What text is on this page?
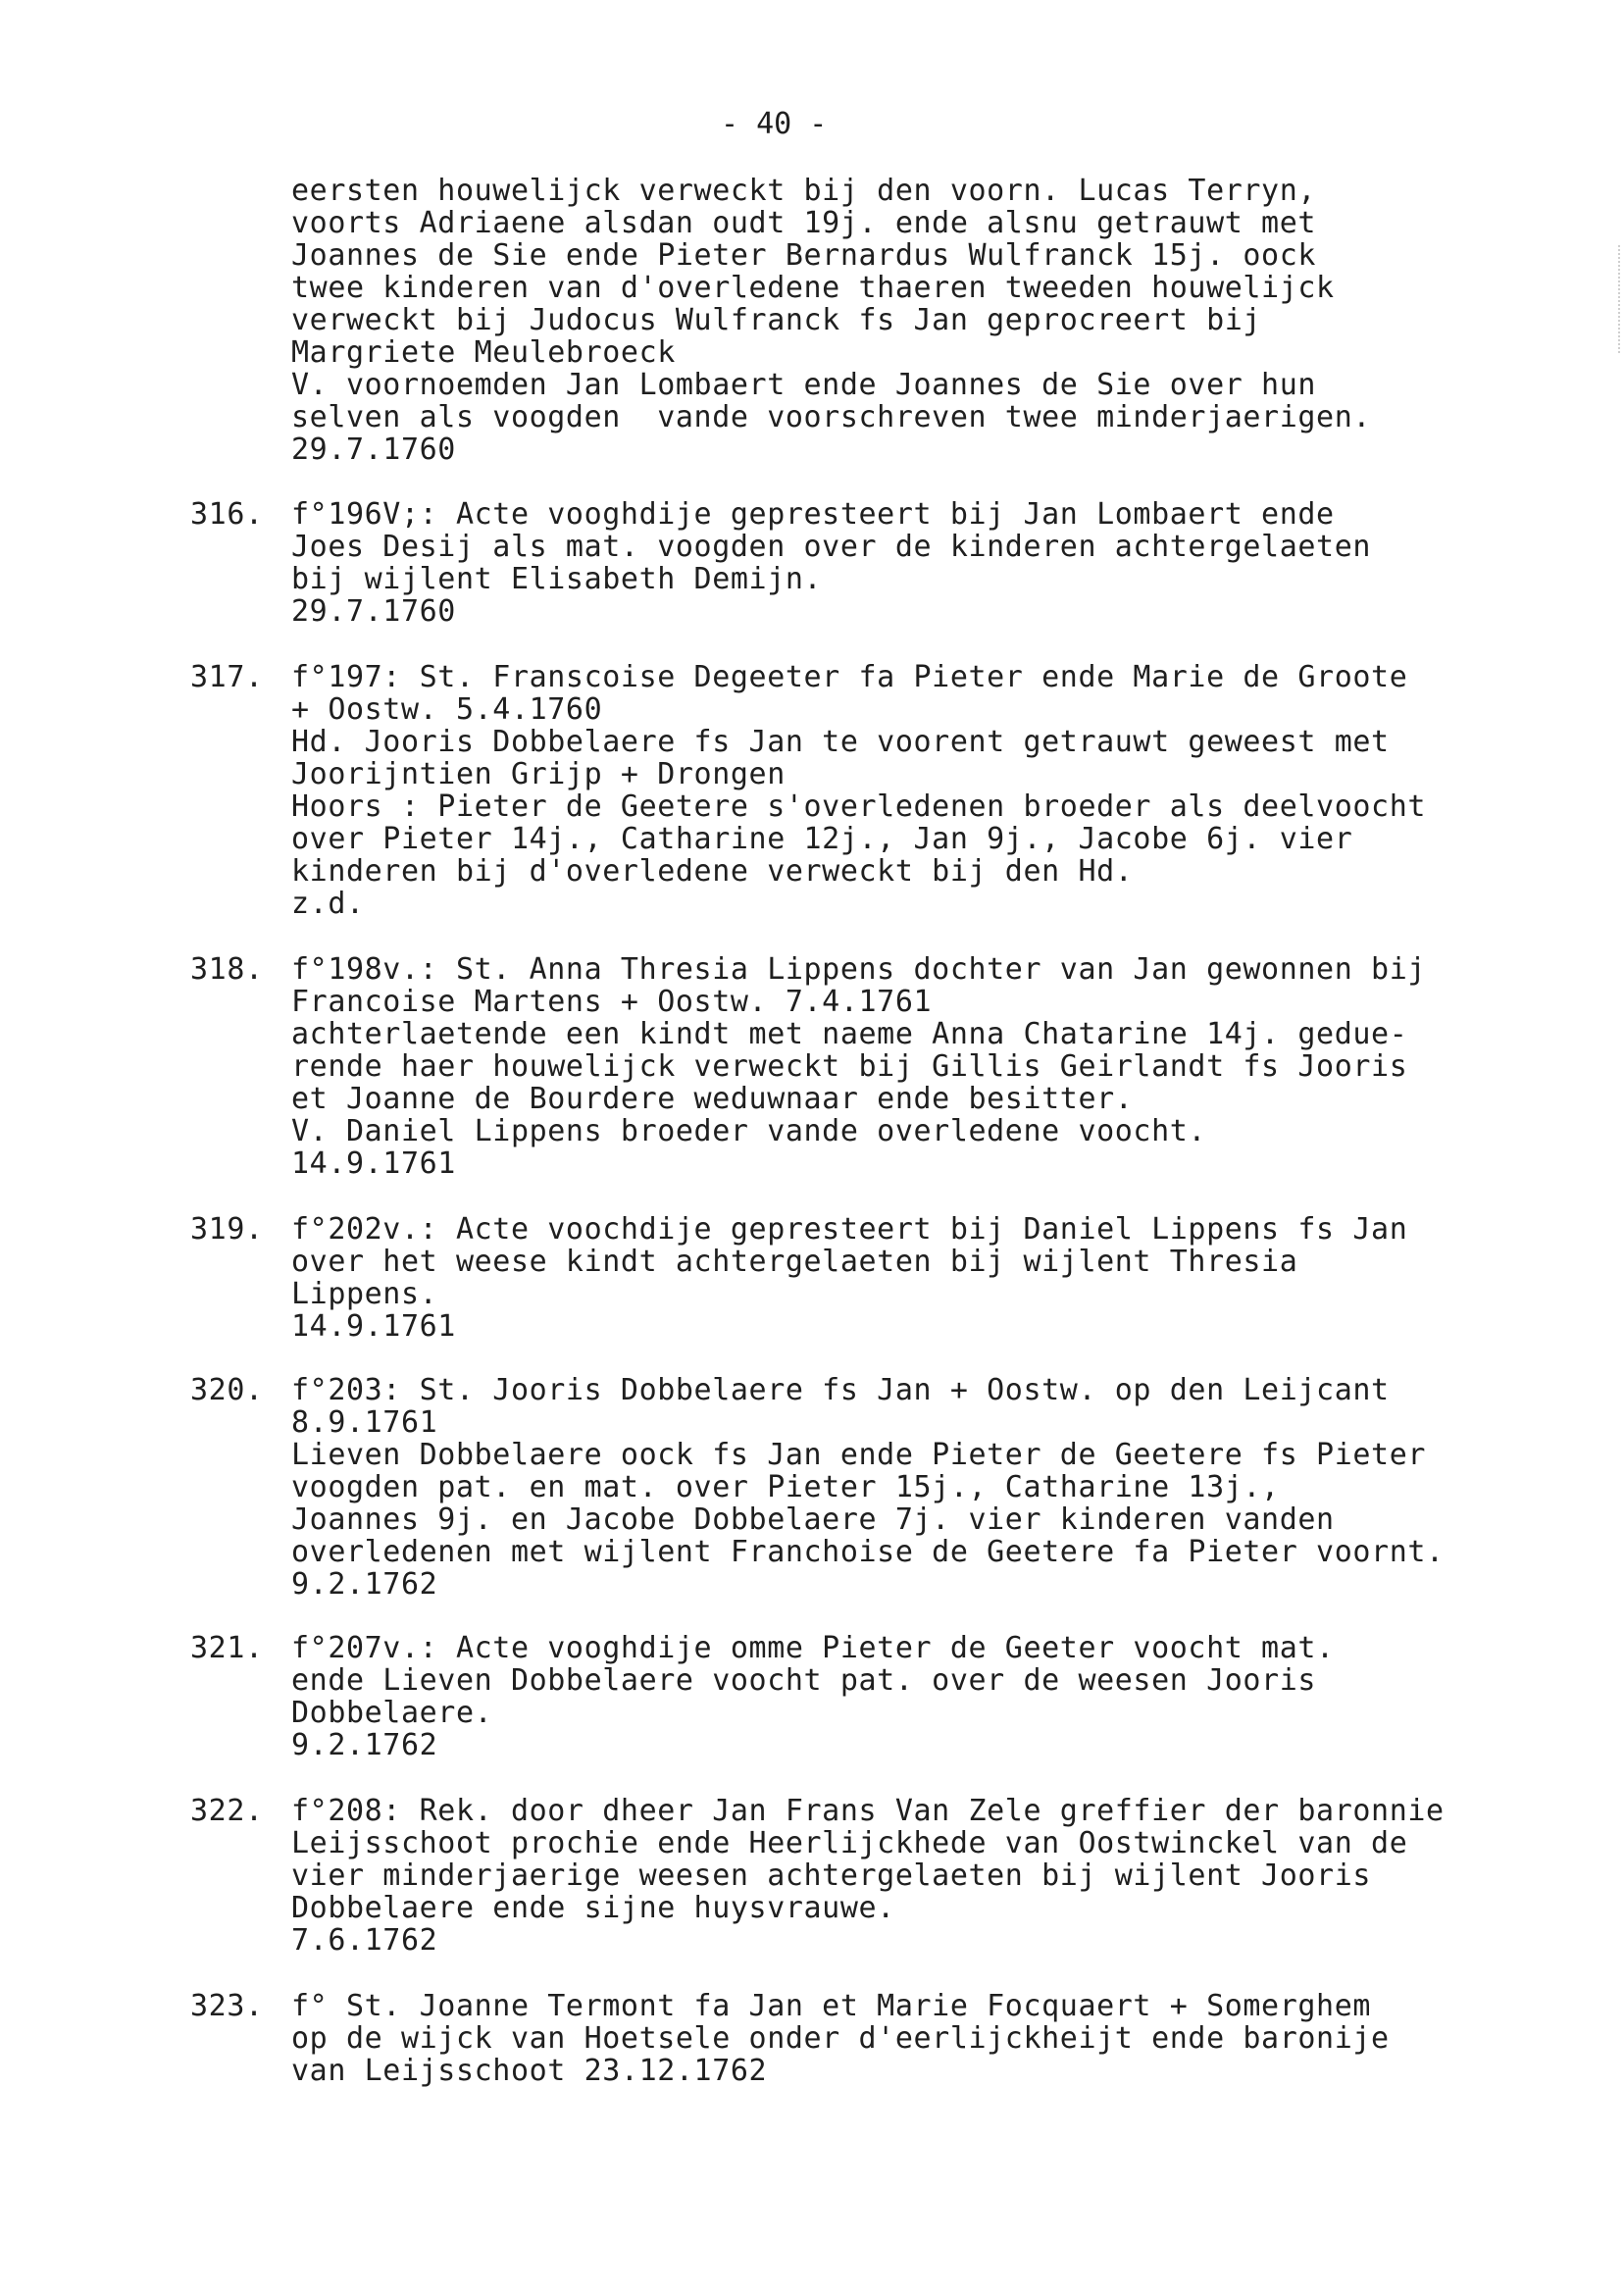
- 40 -
eersten houwelijck verweckt bij den voorn. Lucas Terryn,
voorts Adriaene alsdan oudt 19j. ende alsnu getrauwt met
Joannes de Sie ende Pieter Bernardus Wulfranck 15j. oock
twee kinderen van d'overledene thaeren tweeden houwelijck
verweckt bij Judocus Wulfranck fs Jan geprocreert bij
Margriete Meulebroeck
V. voornoemden Jan Lombaert ende Joannes de Sie over hun
selven als voogden  vande voorschreven twee minderjaerigen.
29.7.1760
316. f°196V;: Acte vooghdije gepresteert bij Jan Lombaert ende
Joes Desij als mat. voogden over de kinderen achtergelaeten
bij wijlent Elisabeth Demijn.
29.7.1760
317. f°197: St. Franscoise Degeeter fa Pieter ende Marie de Groote
+ Oostw. 5.4.1760
Hd. Jooris Dobbelaere fs Jan te voorent getrauwt geweest met
Joorijntien Grijp + Drongen
Hoors : Pieter de Geetere s'overledenen broeder als deelvoocht
over Pieter 14j., Catharine 12j., Jan 9j., Jacobe 6j. vier
kinderen bij d'overledene verweckt bij den Hd.
z.d.
318. f°198v.: St. Anna Thresia Lippens dochter van Jan gewonnen bij
Francoise Martens + Oostw. 7.4.1761
achterlaetende een kindt met naeme Anna Chatarine 14j. gedue-
rende haer houwelijck verweckt bij Gillis Geirlandt fs Jooris
et Joanne de Bourdere weduwnaar ende besitter.
V. Daniel Lippens broeder vande overledene voocht.
14.9.1761
319. f°202v.: Acte voochdije gepresteert bij Daniel Lippens fs Jan
over het weese kindt achtergelaeten bij wijlent Thresia
Lippens.
14.9.1761
320. f°203: St. Jooris Dobbelaere fs Jan + Oostw. op den Leijcant
8.9.1761
Lieven Dobbelaere oock fs Jan ende Pieter de Geetere fs Pieter
voogden pat. en mat. over Pieter 15j., Catharine 13j.,
Joannes 9j. en Jacobe Dobbelaere 7j. vier kinderen vanden
overledenen met wijlent Franchoise de Geetere fa Pieter voornt.
9.2.1762
321. f°207v.: Acte vooghdije omme Pieter de Geeter voocht mat.
ende Lieven Dobbelaere voocht pat. over de weesen Jooris
Dobbelaere.
9.2.1762
322. f°208: Rek. door dheer Jan Frans Van Zele greffier der baronnie
Leijsschoot prochie ende Heerlijckhede van Oostwinckel van de
vier minderjaerige weesen achtergelaeten bij wijlent Jooris
Dobbelaere ende sijne huysvrauwe.
7.6.1762
323. f° St. Joanne Termont fa Jan et Marie Focquaert + Somerghem
op de wijck van Hoetsele onder d'eerlijckheijt ende baronije
van Leijsschoot 23.12.1762
